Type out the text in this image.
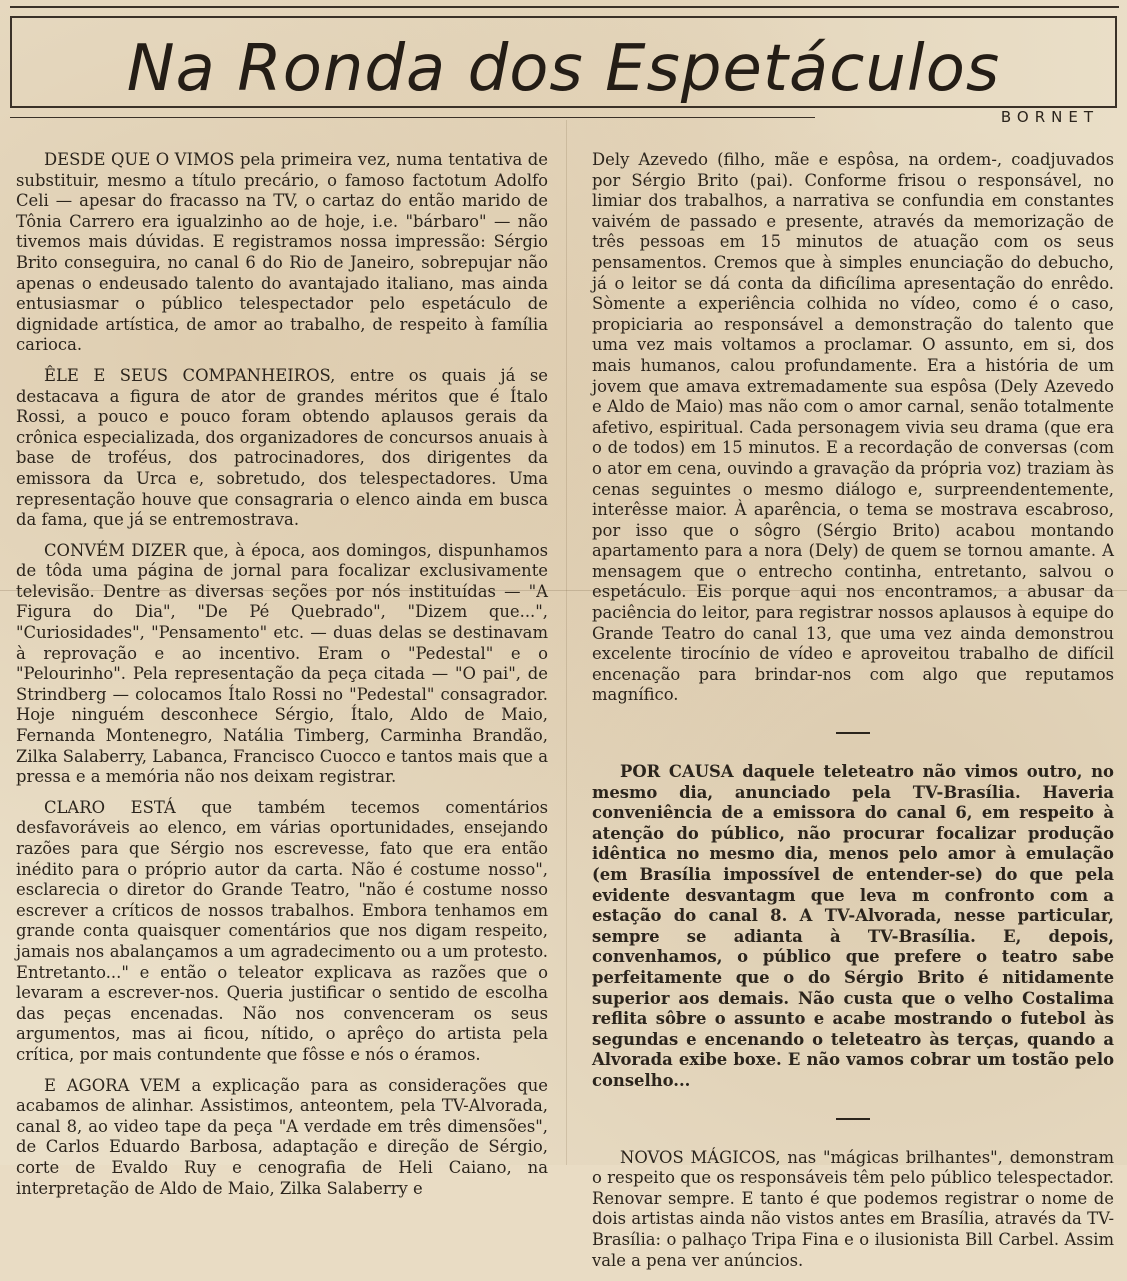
Na Ronda dos Espetáculos
BORNET

DESDE QUE O VIMOS pela primeira vez, numa tentativa de substituir, mesmo a título precário, o famoso factotum Adolfo Celi — apesar do fracasso na TV, o cartaz do então marido de Tônia Carrero era igualzinho ao de hoje, i.e. "bárbaro" — não tivemos mais dúvidas. E registramos nossa impressão: Sérgio Brito conseguira, no canal 6 do Rio de Janeiro, sobrepujar não apenas o endeusado talento do avantajado italiano, mas ainda entusiasmar o público telespectador pelo espetáculo de dignidade artística, de amor ao trabalho, de respeito à família carioca.

ÊLE E SEUS COMPANHEIROS, entre os quais já se destacava a figura de ator de grandes méritos que é Ítalo Rossi, a pouco e pouco foram obtendo aplausos gerais da crônica especializada, dos organizadores de concursos anuais à base de troféus, dos patrocinadores, dos dirigentes da emissora da Urca e, sobretudo, dos telespectadores. Uma representação houve que consagraria o elenco ainda em busca da fama, que já se entremostrava.

CONVÉM DIZER que, à época, aos domingos, dispunhamos de tôda uma página de jornal para focalizar exclusivamente televisão. Dentre as diversas seções por nós instituídas — "A Figura do Dia", "De Pé Quebrado", "Dizem que...", "Curiosidades", "Pensamento" etc. — duas delas se destinavam à reprovação e ao incentivo. Eram o "Pedestal" e o "Pelourinho". Pela representação da peça citada — "O pai", de Strindberg — colocamos Ítalo Rossi no "Pedestal" consagrador. Hoje ninguém desconhece Sérgio, Ítalo, Aldo de Maio, Fernanda Montenegro, Natália Timberg, Carminha Brandão, Zilka Salaberry, Labanca, Francisco Cuocco e tantos mais que a pressa e a memória não nos deixam registrar.

CLARO ESTÁ que também tecemos comentários desfavoráveis ao elenco, em várias oportunidades, ensejando razões para que Sérgio nos escrevesse, fato que era então inédito para o próprio autor da carta. Não é costume nosso", esclarecia o diretor do Grande Teatro, "não é costume nosso escrever a críticos de nossos trabalhos. Embora tenhamos em grande conta quaisquer comentários que nos digam respeito, jamais nos abalançamos a um agradecimento ou a um protesto. Entretanto..." e então o teleator explicava as razões que o levaram a escrever-nos. Queria justificar o sentido de escolha das peças encenadas. Não nos convenceram os seus argumentos, mas ai ficou, nítido, o aprêço do artista pela crítica, por mais contundente que fôsse e nós o éramos.

E AGORA VEM a explicação para as considerações que acabamos de alinhar. Assistimos, anteontem, pela TV-Alvorada, canal 8, ao video tape da peça "A verdade em três dimensões", de Carlos Eduardo Barbosa, adaptação e direção de Sérgio, corte de Evaldo Ruy e cenografia de Heli Caiano, na interpretação de Aldo de Maio, Zilka Salaberry e

Dely Azevedo (filho, mãe e espôsa, na ordem-, coadjuvados por Sérgio Brito (pai). Conforme frisou o responsável, no limiar dos trabalhos, a narrativa se confundia em constantes vaivém de passado e presente, através da memorização de três pessoas em 15 minutos de atuação com os seus pensamentos. Cremos que à simples enunciação do debucho, já o leitor se dá conta da dificílima apresentação do enrêdo. Sòmente a experiência colhida no vídeo, como é o caso, propiciaria ao responsável a demonstração do talento que uma vez mais voltamos a proclamar. O assunto, em si, dos mais humanos, calou profundamente. Era a história de um jovem que amava extremadamente sua espôsa (Dely Azevedo e Aldo de Maio) mas não com o amor carnal, senão totalmente afetivo, espiritual. Cada personagem vivia seu drama (que era o de todos) em 15 minutos. E a recordação de conversas (com o ator em cena, ouvindo a gravação da própria voz) traziam às cenas seguintes o mesmo diálogo e, surpreendentemente, interêsse maior. À aparência, o tema se mostrava escabroso, por isso que o sôgro (Sérgio Brito) acabou montando apartamento para a nora (Dely) de quem se tornou amante. A mensagem que o entrecho continha, entretanto, salvou o espetáculo. Eis porque aqui nos encontramos, a abusar da paciência do leitor, para registrar nossos aplausos à equipe do Grande Teatro do canal 13, que uma vez ainda demonstrou excelente tirocínio de vídeo e aproveitou trabalho de difícil encenação para brindar-nos com algo que reputamos magnífico.

POR CAUSA daquele teleteatro não vimos outro, no mesmo dia, anunciado pela TV-Brasília. Haveria conveniência de a emissora do canal 6, em respeito à atenção do público, não procurar focalizar produção idêntica no mesmo dia, menos pelo amor à emulação (em Brasília impossível de entender-se) do que pela evidente desvantagm que leva m confronto com a estação do canal 8. A TV-Alvorada, nesse particular, sempre se adianta à TV-Brasília. E, depois, convenhamos, o público que prefere o teatro sabe perfeitamente que o do Sérgio Brito é nitidamente superior aos demais. Não custa que o velho Costalima reflita sôbre o assunto e acabe mostrando o futebol às segundas e encenando o teleteatro às terças, quando a Alvorada exibe boxe. E não vamos cobrar um tostão pelo conselho...

NOVOS MÁGICOS, nas "mágicas brilhantes", demonstram o respeito que os responsáveis têm pelo público telespectador. Renovar sempre. E tanto é que podemos registrar o nome de dois artistas ainda não vistos antes em Brasília, através da TV-Brasília: o palhaço Tripa Fina e o ilusionista Bill Carbel. Assim vale a pena ver anúncios.
